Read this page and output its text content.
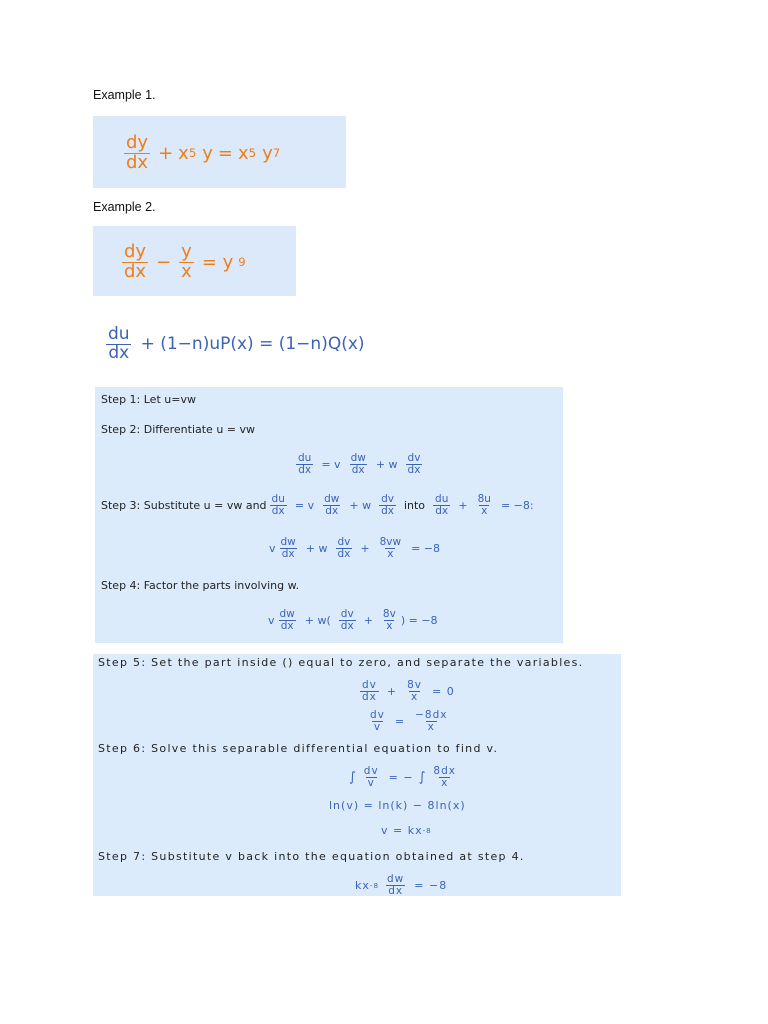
Example 1.
Example 2.
$\frac{dy}{dx} + x$ 5 y = x 5 y 7
$\frac{dy}{dx} - \frac{y}{x} = y$ 9
$\frac{du}{dx} + (1-n)uP(x) = (1-n)Q(x)$
Step 1: Let u=vw
Step 2: Differentiate u = vw
$\frac{du}{dx} = v \frac{dw}{dx} + w \frac{dv}{dx}$
Step 3: Substitute u = vw and $\frac{du}{dx} = v \frac{dw}{dx} + w \frac{dv}{dx}$ into $\frac{du}{dx} + \frac{8u}{x} = -8$:
v $\frac{dw}{dx} + w \frac{dv}{dx} + \frac{8vw}{x} = -8$
Step 4: Factor the parts involving w.
v $\frac{dw}{dx} + w( \frac{dv}{dx} + \frac{8v}{x}$ ) = −8
Step 5: Set the part inside () equal to zero, and separate the variables.
$\frac{dv}{dx} + \frac{8v}{x} = 0$
$\frac{dv}{v} = \frac{-8dx}{x}$
Step 6: Solve this separable differential equation to find v.
∫ $\frac{dv}{v}$ = − ∫ $\frac{8dx}{x}$
ln(v) = ln(k) − 8ln(x)
v = kx -8
Step 7: Substitute v back into the equation obtained at step 4.
kx $-8 \frac{dw}{dx} = -8$
